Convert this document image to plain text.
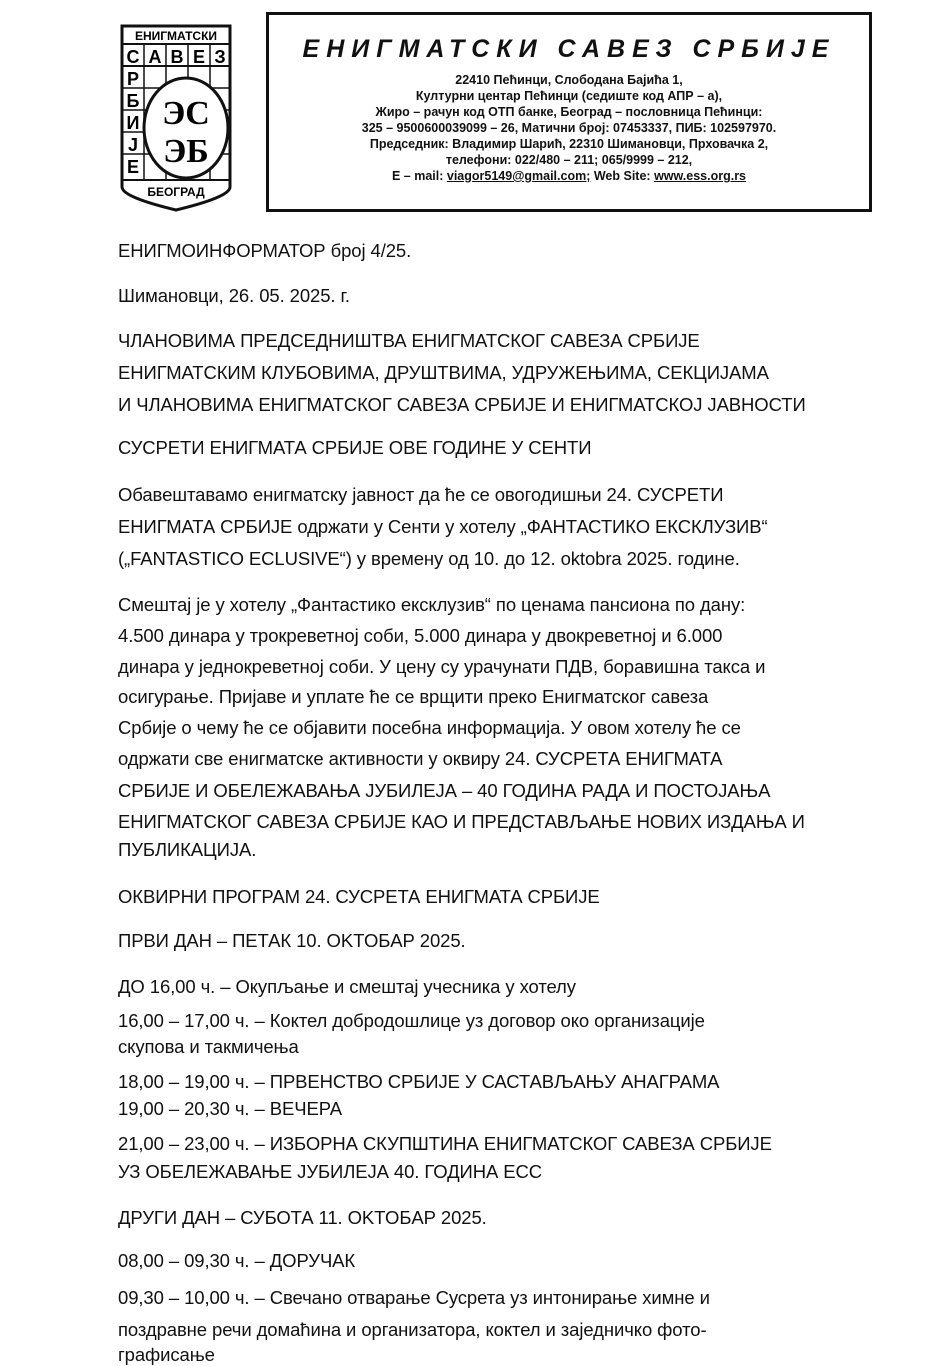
ЕНИГМАТСКИ
С А В Е З
Р
Б
И
Ј
Е
ЭС
ЭБ
БЕОГРАД
ЕНИГМАТСКИ САВЕЗ СРБИЈЕ
22410 Пећинци, Слободана Бајића 1,
Културни центар Пећинци (седиште код АПР – а),
Жиро – рачун код ОТП банке, Београд – пословница Пећинци:
325 – 9500600039099 – 26, Матични број: 07453337, ПИБ: 102597970.
Председник: Владимир Шарић, 22310 Шимановци, Прховачка 2,
телефони: 022/480 – 211; 065/9999 – 212,
E – mail: viagor5149@gmail.com; Web Site: www.ess.org.rs
ЕНИГМОИНФОРМАТОР број 4/25.
Шимановци, 26. 05. 2025. г.
ЧЛАНОВИМА ПРЕДСЕДНИШТВА ЕНИГМАТСКОГ САВЕЗА СРБИЈЕ
ЕНИГМАТСКИМ КЛУБОВИМА, ДРУШТВИМА, УДРУЖЕЊИМА, СЕКЦИЈАМА
И ЧЛАНОВИМА ЕНИГМАТСКОГ САВЕЗА СРБИЈЕ И ЕНИГМАТСКОЈ ЈАВНОСТИ
СУСРЕТИ ЕНИГМАТА СРБИЈЕ ОВЕ ГОДИНЕ У СЕНТИ
Обавештавамо енигматску јавност да ће се овогодишњи 24. СУСРЕТИ
ЕНИГМАТА СРБИЈЕ одржати у Сенти у хотелу „ФАНТАСТИКО ЕКСКЛУЗИВ“
(„FANTASTICO ECLUSIVE“) у времену од 10. до 12. oktobra 2025. године.
Смештај је у хотелу „Фантастико ексклузив“ по ценама пансиона по дану:
4.500 динара у трокреветној соби, 5.000 динара у двокреветној и 6.000
динара у једнокреветној соби. У цену су урачунати ПДВ, боравишна такса и
осигурање. Пријаве и уплате ће се врщити преко Енигматског савеза
Србије о чему ће се објавити посебна информација. У овом хотелу ће се
одржати све енигматске активности у оквиру 24. СУСРЕТА ЕНИГМАТА
СРБИЈЕ И ОБЕЛЕЖАВАЊА ЈУБИЛЕЈА – 40 ГОДИНА РАДА И ПОСТОЈАЊА
ЕНИГМАТСКОГ САВЕЗА СРБИЈЕ КАО И ПРЕДСТАВЉАЊЕ НОВИХ ИЗДАЊА И
ПУБЛИКАЦИЈА.
ОКВИРНИ ПРОГРАМ 24. СУСРЕТА ЕНИГМАТА СРБИЈЕ
ПРВИ ДАН – ПЕТАК 10. OKTOБAР 2025.
ДО 16,00 ч. – Окупљање и смештај учесника у хотелу
16,00 – 17,00 ч. – Коктел добродошлице уз договор око организације
скупова и такмичења
18,00 – 19,00 ч. – ПРВЕНСТВО СРБИЈЕ У САСТАВЉАЊУ АНАГРАМА
19,00 – 20,30 ч. – ВЕЧЕРА
21,00 – 23,00 ч. – ИЗБОРНА СКУПШТИНА ЕНИГМАТСКОГ САВЕЗА СРБИЈЕ
УЗ ОБЕЛЕЖАВАЊЕ ЈУБИЛЕЈА 40. ГОДИНА ЕСС
ДРУГИ ДАН – СУБОТА 11. OKTOБAР 2025.
08,00 – 09,30 ч. – ДОРУЧАК
09,30 – 10,00 ч. – Свечано отварање Сусрета уз интонирање химне и
поздравне речи домаћина и организатора, коктел и заједничко фото-
графисање
